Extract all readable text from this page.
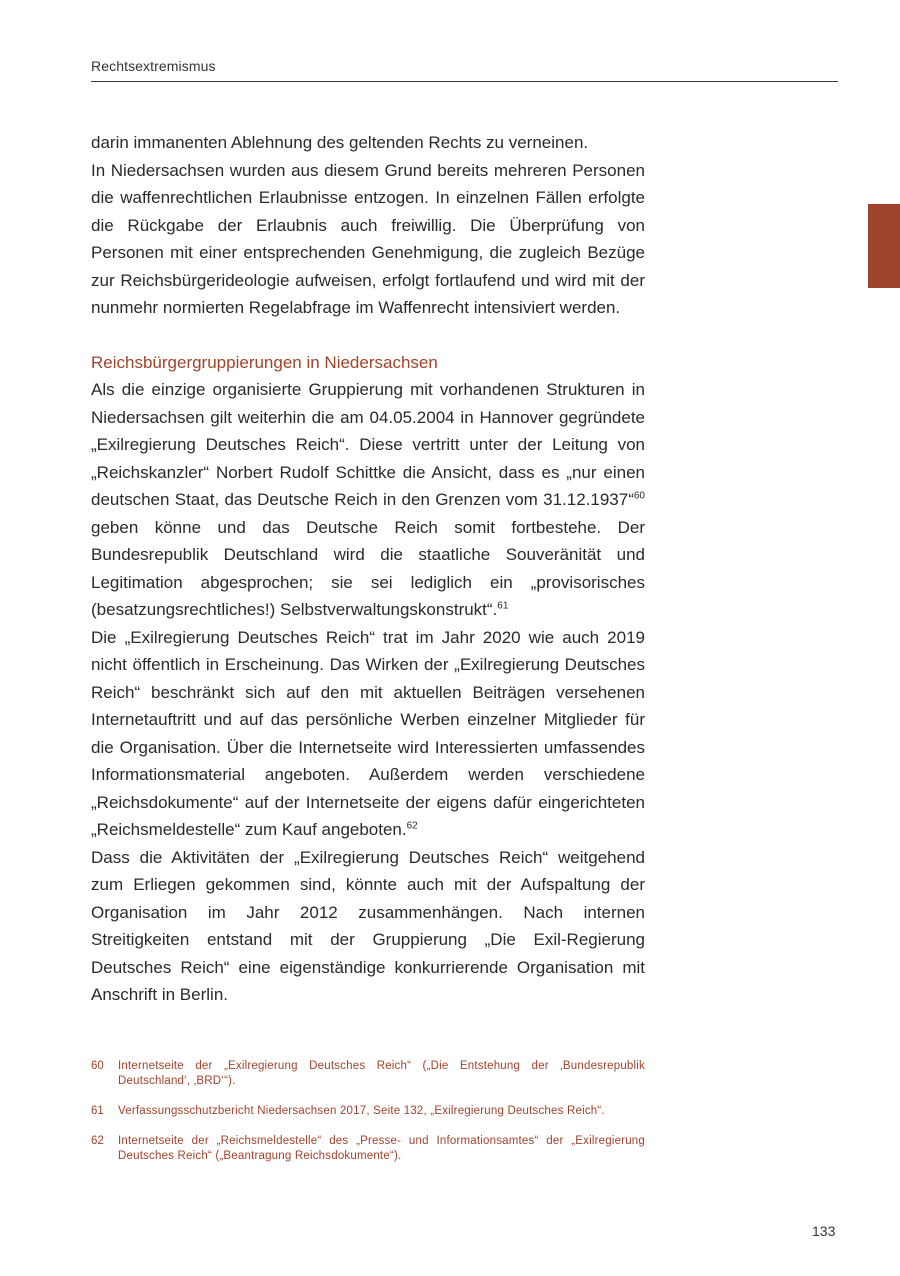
Rechtsextremismus

darin immanenten Ablehnung des geltenden Rechts zu verneinen.

In Niedersachsen wurden aus diesem Grund bereits mehreren Personen die waffenrechtlichen Erlaubnisse entzogen. In einzelnen Fällen erfolgte die Rückgabe der Erlaubnis auch freiwillig. Die Überprüfung von Personen mit einer entsprechenden Genehmigung, die zugleich Bezüge zur Reichsbürgerideologie aufweisen, erfolgt fortlaufend und wird mit der nunmehr normierten Regelabfrage im Waffenrecht intensiviert werden.

Reichsbürgergruppierungen in Niedersachsen

Als die einzige organisierte Gruppierung mit vorhandenen Strukturen in Niedersachsen gilt weiterhin die am 04.05.2004 in Hannover gegründete „Exilregierung Deutsches Reich“. Diese vertritt unter der Leitung von „Reichskanzler“ Norbert Rudolf Schittke die Ansicht, dass es „nur einen deutschen Staat, das Deutsche Reich in den Grenzen vom 31.12.1937“$^{60}$ geben könne und das Deutsche Reich somit fortbestehe. Der Bundesrepublik Deutschland wird die staatliche Souveränität und Legitimation abgesprochen; sie sei lediglich ein „provisorisches (besatzungsrechtliches!) Selbstverwaltungskonstrukt“.$^{61}$

Die „Exilregierung Deutsches Reich“ trat im Jahr 2020 wie auch 2019 nicht öffentlich in Erscheinung. Das Wirken der „Exilregierung Deutsches Reich“ beschränkt sich auf den mit aktuellen Beiträgen versehenen Internetauftritt und auf das persönliche Werben einzelner Mitglieder für die Organisation. Über die Internetseite wird Interessierten umfassendes Informationsmaterial angeboten. Außerdem werden verschiedene „Reichsdokumente“ auf der Internetseite der eigens dafür eingerichteten „Reichsmeldestelle“ zum Kauf angeboten.$^{62}$

Dass die Aktivitäten der „Exilregierung Deutsches Reich“ weitgehend zum Erliegen gekommen sind, könnte auch mit der Aufspaltung der Organisation im Jahr 2012 zusammenhängen. Nach internen Streitigkeiten entstand mit der Gruppierung „Die Exil-Regierung Deutsches Reich“ eine eigenständige konkurrierende Organisation mit Anschrift in Berlin.

60	Internetseite der „Exilregierung Deutsches Reich“ („Die Entstehung der ‚Bundesrepublik Deutschland‘, ‚BRD‘“).
61	Verfassungsschutzbericht Niedersachsen 2017, Seite 132, „Exilregierung Deutsches Reich“.
62	Internetseite der „Reichsmeldestelle“ des „Presse- und Informationsamtes“ der „Exilregierung Deutsches Reich“ („Beantragung Reichsdokumente“).
133
